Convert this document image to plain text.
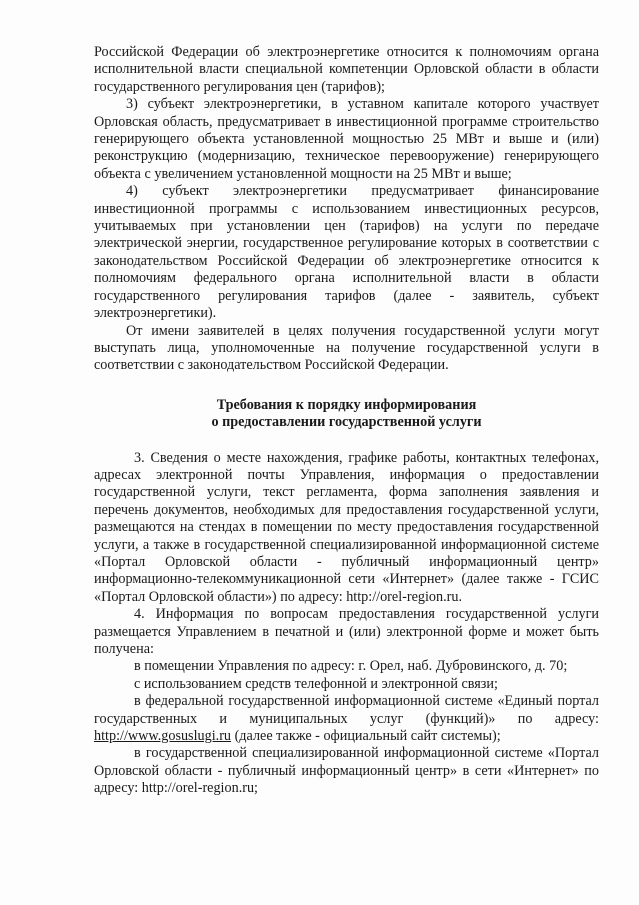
Российской Федерации об электроэнергетике относится к полномочиям органа исполнительной власти специальной компетенции Орловской области в области государственного регулирования цен (тарифов);

3) субъект электроэнергетики, в уставном капитале которого участвует Орловская область, предусматривает в инвестиционной программе строительство генерирующего объекта установленной мощностью 25 МВт и выше и (или) реконструкцию (модернизацию, техническое перевооружение) генерирующего объекта с увеличением установленной мощности на 25 МВт и выше;

4) субъект электроэнергетики предусматривает финансирование инвестиционной программы с использованием инвестиционных ресурсов, учитываемых при установлении цен (тарифов) на услуги по передаче электрической энергии, государственное регулирование которых в соответствии с законодательством Российской Федерации об электроэнергетике относится к полномочиям федерального органа исполнительной власти в области государственного регулирования тарифов (далее - заявитель, субъект электроэнергетики).

От имени заявителей в целях получения государственной услуги могут выступать лица, уполномоченные на получение государственной услуги в соответствии с законодательством Российской Федерации.

Требования к порядку информирования
о предоставлении государственной услуги

3. Сведения о месте нахождения, графике работы, контактных телефонах, адресах электронной почты Управления, информация о предоставлении государственной услуги, текст регламента, форма заполнения заявления и перечень документов, необходимых для предоставления государственной услуги, размещаются на стендах в помещении по месту предоставления государственной услуги, а также в государственной специализированной информационной системе «Портал Орловской области - публичный информационный центр» информационно-телекоммуникационной сети «Интернет» (далее также - ГСИС «Портал Орловской области») по адресу: http://orel-region.ru.

4. Информация по вопросам предоставления государственной услуги размещается Управлением в печатной и (или) электронной форме и может быть получена:

в помещении Управления по адресу: г. Орел, наб. Дубровинского, д. 70;

с использованием средств телефонной и электронной связи;

в федеральной государственной информационной системе «Единый портал государственных и муниципальных услуг (функций)» по адресу: http://www.gosuslugi.ru (далее также - официальный сайт системы);

в государственной специализированной информационной системе «Портал Орловской области - публичный информационный центр» в сети «Интернет» по адресу: http://orel-region.ru;
